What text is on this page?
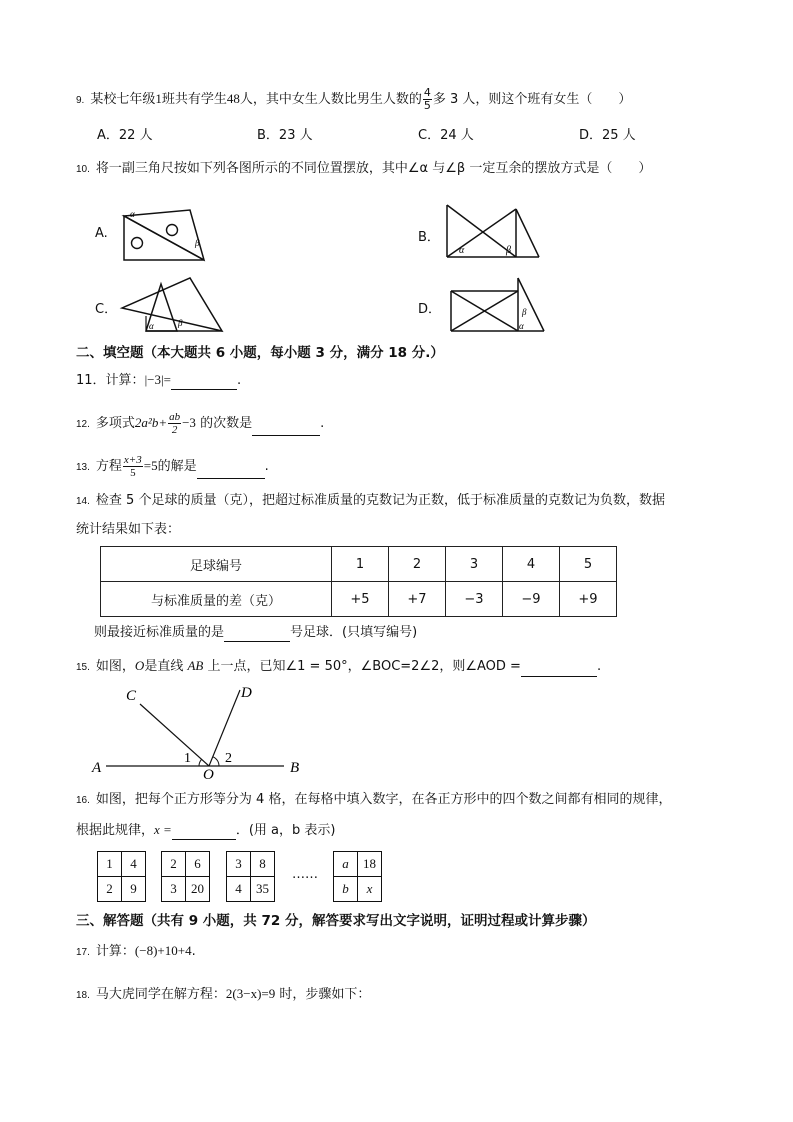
9. 某校七年级1班共有学生48人，其中女生人数比男生人数的 $\frac{4}{5}$ 多 3 人，则这个班有女生（　　）
A．22 人	B．23 人	C．24 人	D．25 人
10. 将一副三角尺按如下列各图所示的不同位置摆放，其中∠α 与∠β 一定互余的摆放方式是（　　）
A.
α
β	B．
α	β
C．
α	β
D．	β
α
二、填空题（本大题共 6 小题，每小题 3 分，满分 18 分.）
11．计算：|−3|=	.
12. 多项式$2a^2b+ \frac{ab}{2} -3$ 的次数是	.
13. 方程 $\frac{x+3}{5} =5$的解是	.
14. 检查 5 个足球的质量（克），把超过标准质量的克数记为正数，低于标准质量的克数记为负数，数据
统计结果如下表：
足球编号	1	2	3	4	5
与标准质量的差（克）	+5	+7	−3	−9	+9
则最接近标准质量的是	号足球．(只填写编号)
15. 如图，O是直线 AB 上一点，已知∠1 = 50°，∠BOC=2∠2，则∠AOD =	.
A	B
C	D
O
1 2
16. 如图，把每个正方形等分为 4 格，在每格中填入数字，在各正方形中的四个数之间都有相同的规律，
根据此规律，x =	．(用 a，b 表示)
1	4
2	9
2	6
3	20
3	8
4	35
……
a	18
b	x
三、解答题（共有 9 小题，共 72 分，解答要求写出文字说明，证明过程或计算步骤）
17. 计算：(−8)+10+4.
18. 马大虎同学在解方程：2(3−x)=9 时，步骤如下：
